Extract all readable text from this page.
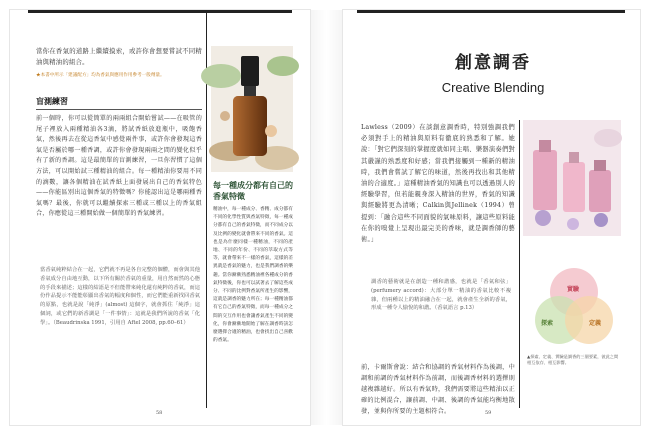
當你在香氣的道路上繼續摸索，或許你會想要嘗試不同精油與精油的組合。
★本書中所示「建議配方」均為香氣與應用作用參考一般劑量。
盲測練習
前一個時，你可以從簡單的兩兩組合開始嘗試——在吸管的尾子裡放入兩種精油各3滴，將試香紙放進瓶中，吸飽香氣，然後再去在從這香氣中感覺兩件事，或許你會發現這香氣是否屬於哪一種香調，或許你會發現兩兩之間的變化似乎有了新的香調。這是最簡單的盲測練習，一旦你習慣了這個方法，可以開始試三種精油的組合。每一種精油你要用不同的滴數，讓各個精油在試香紙上面發展出自己的香氣特色——你能區別出這個香氣的特徵嗎？你能認出這是哪兩種香氣嗎？最後，你就可以繼續探索三種或三種以上的香氣組合，你應從這三種開始做一個簡單的香氣練習。
當香氣純粹結合在一起，它們就不再是各自完整的個體，而會與其他香氣成分自由地互動，以下所有關於香氣的重量，用自然而然的心態的手段來描述；這樣的結語是不但能帶來純化還有純粹的香氣，而這份作品提示不能能彰顯出香氣的幅度和個性，而它們能重新找回香氣的原點，也就是說「純淨」(almost) 這個字，就會抓住「純淨」這個詞，或它們的新香調是「一件事情」：這就是我們所說的香氣「化學」。（Beaudrinska 1991，引用自 Aftel 2008, pp.60–61）
每一種成分都有自己的香氣特徵
精油中，每一種成分、香精、成分都有不同的化學性質與香氣特徵，每一種成分都有自己的香氣特徵，而不同成分以及比例的變化就會帶來不同的香氣。這也是為什麼同樣一種精油，不同的產地、不同的年份、不同的萃取方式等等，就會帶來不一樣的香氣，這樣的差異就是香氣的魅力，也是我們調香的樂趣。當你漸漸熟悉精油裡各種成分的香氣特徵後，你也可以試著去了解這些成分、不同的比例對香氣所產生的影響，這就是調香的魅力所在；每一種精油都有它自己的香氣特徵，而每一種成分之間的交互作用也會讓香氣產生不同的變化，你會漸漸地開始了解在調香時該怎麼選擇合適的精油，也會找出自己喜歡的香氣。
58
創意調香
Creative Blending
Lawless（2009）在談創意調香時，特別強調我們必須對手上的精油與原料有徹底的熟悉和了解。她說：「對它們深刻的掌握度就如同主唱、樂器演奏們對其嚴謹的熟悉度和好感；當我們接觸到一種新的精油時，我們會嘗試了解它的味道，然後再找出和其他精油的合適度。」這種精油香氣的知識也可以透過別人的經驗學習，但若能親身深入精油的世界，香氣的知識與經驗將更為清晰；Calkin與Jellinek（1994）曾提到：「融合這些不同面貌的氣味原料，讓這些原料能在你的嗅覺上呈現出最完美的香味，就是調香師的藝術。」
調香的藝術就是在創造一種和諧感，也就是「香氣和弦」(perfumery accord)：大部分單一精油的香氣比較不複雜，但兩種以上的精油融合在一起，就會產生全新的香氣，形成一種令人愉悅的和諧。（香氣語言 p.13）
前，卡爾斯會說：結合和協調的香氣材料作為後調，中調和前調的香氣材料作為前調，而後調香材料的選擇則越複雜越好。所以有香氣時，我們需要將這些精油以正確的比例混合，讓前調、中調、後調的香氣能均衡地散發，並與你所要的主題相符合。
實驗
探索	定義
▲探索、定義、實驗是調香的三個要素，彼此之間相互依存、相互影響。
59
